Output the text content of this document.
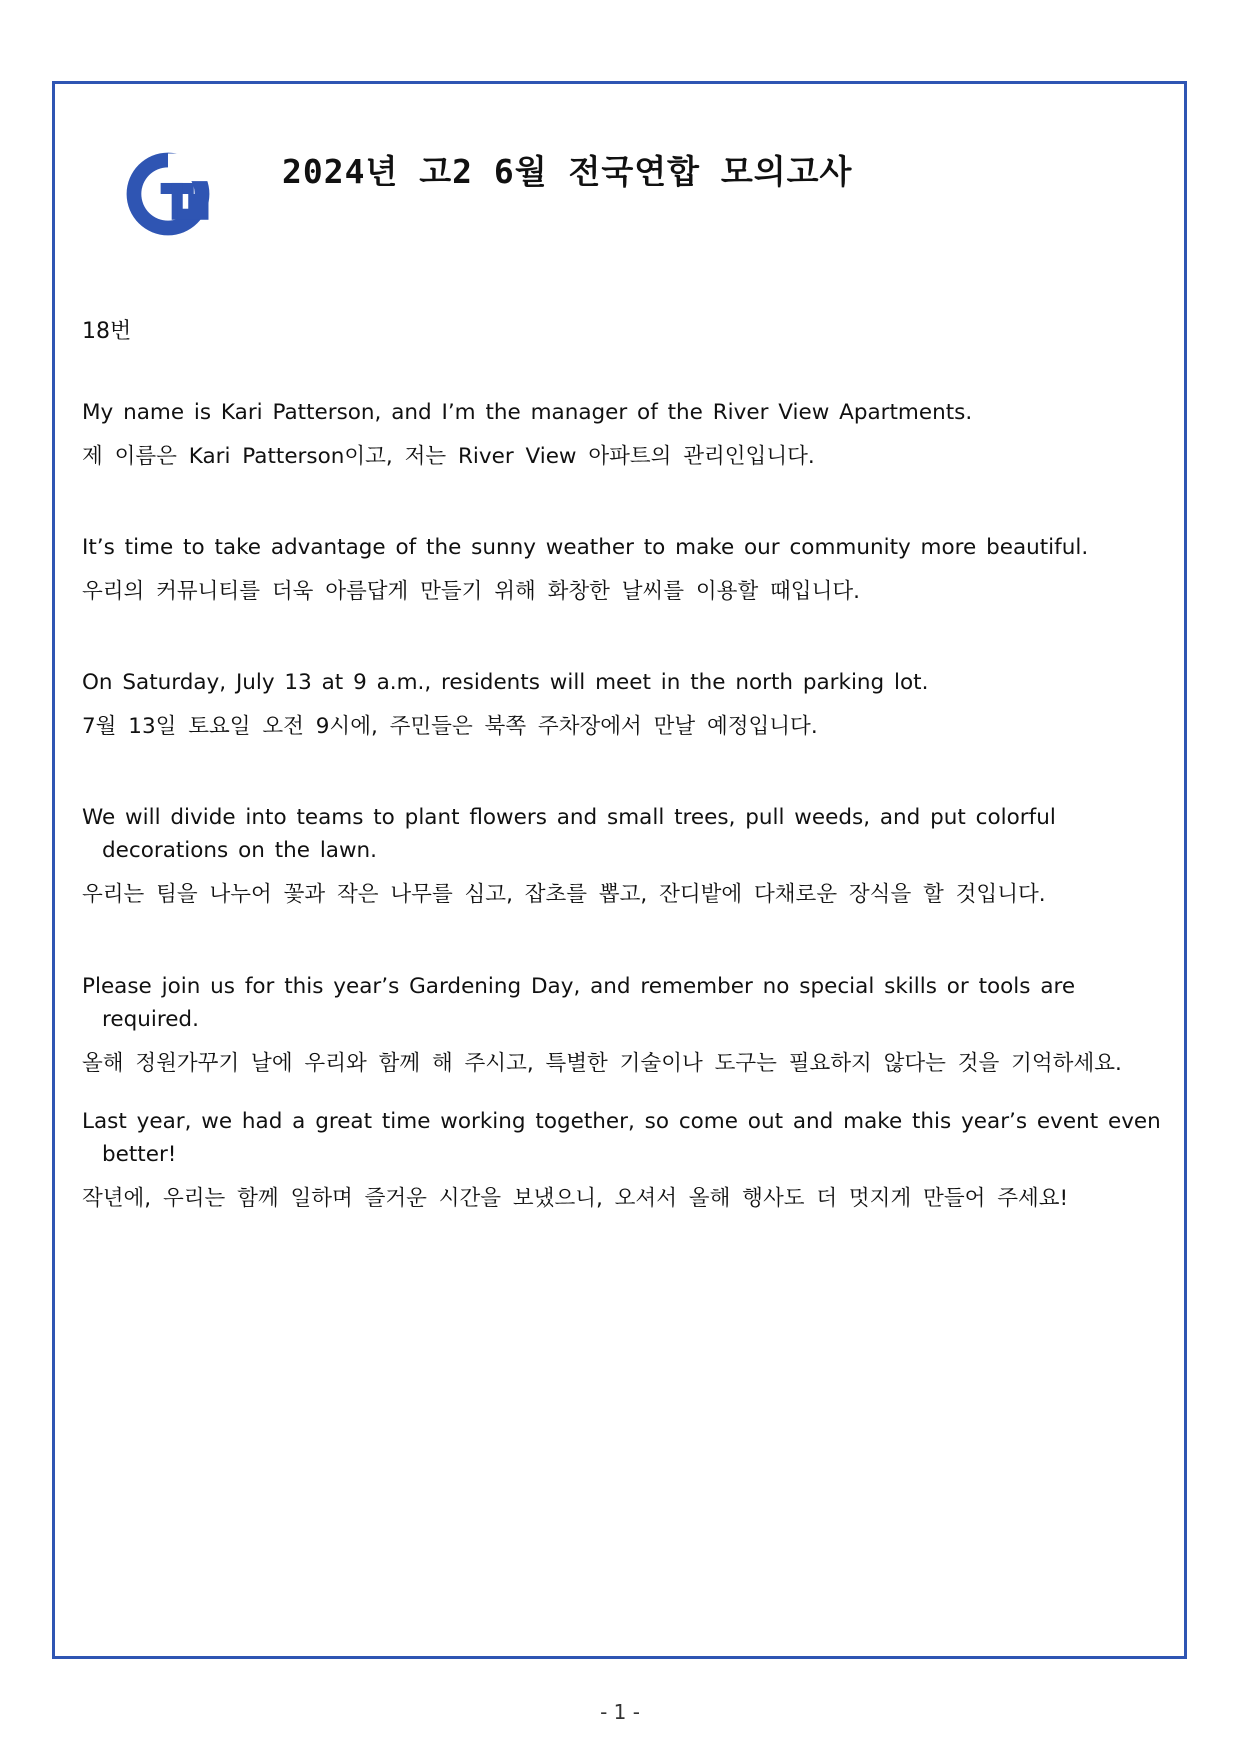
2024년 고2 6월 전국연합 모의고사
18번

My name is Kari Patterson, and I’m the manager of the River View Apartments.

제 이름은 Kari Patterson이고, 저는 River View 아파트의 관리인입니다.

It’s time to take advantage of the sunny weather to make our community more beautiful.

우리의 커뮤니티를 더욱 아름답게 만들기 위해 화창한 날씨를 이용할 때입니다.

On Saturday, July 13 at 9 a.m., residents will meet in the north parking lot.

7월 13일 토요일 오전 9시에, 주민들은 북쪽 주차장에서 만날 예정입니다.

We will divide into teams to plant flowers and small trees, pull weeds, and put colorful decorations on the lawn.

우리는 팀을 나누어 꽃과 작은 나무를 심고, 잡초를 뽑고, 잔디밭에 다채로운 장식을 할 것입니다.

Please join us for this year’s Gardening Day, and remember no special skills or tools are required.

올해 정원가꾸기 날에 우리와 함께 해 주시고, 특별한 기술이나 도구는 필요하지 않다는 것을 기억하세요.

Last year, we had a great time working together, so come out and make this year’s event even better!

작년에, 우리는 함께 일하며 즐거운 시간을 보냈으니, 오셔서 올해 행사도 더 멋지게 만들어 주세요!

- 1 -
